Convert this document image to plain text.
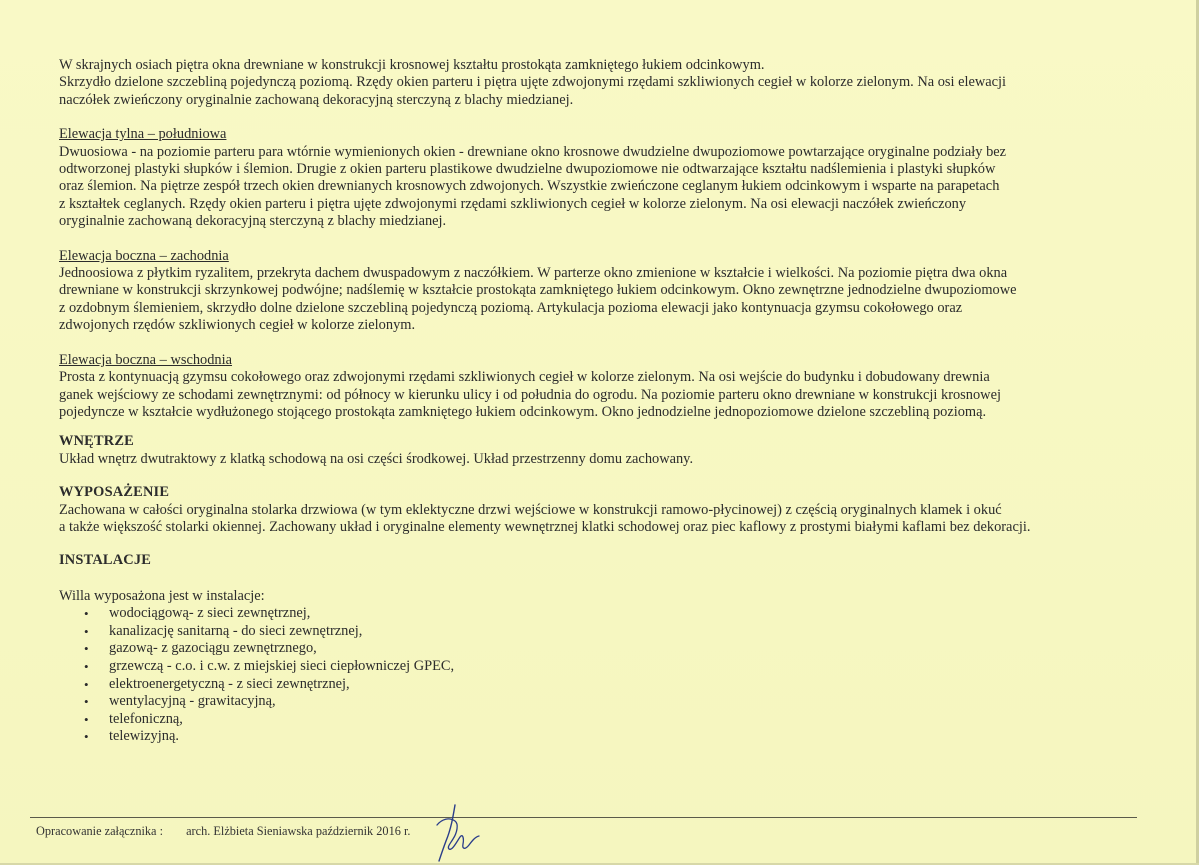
W skrajnych osiach piętra okna drewniane w konstrukcji krosnowej kształtu prostokąta zamkniętego łukiem odcinkowym.
Skrzydło dzielone szczebliną pojedynczą poziomą. Rzędy okien parteru i piętra ujęte zdwojonymi rzędami szkliwionych cegieł w kolorze zielonym. Na osi elewacji
naczółek zwieńczony oryginalnie zachowaną dekoracyjną sterczyną z blachy miedzianej.

Elewacja tylna – południowa
Dwuosiowa - na poziomie parteru para wtórnie wymienionych okien - drewniane okno krosnowe dwudzielne dwupoziomowe powtarzające oryginalne podziały bez
odtworzonej plastyki słupków i ślemion. Drugie z okien parteru plastikowe dwudzielne dwupoziomowe nie odtwarzające kształtu nadślemienia i plastyki słupków
oraz ślemion. Na piętrze zespół trzech okien drewnianych krosnowych zdwojonych. Wszystkie zwieńczone ceglanym łukiem odcinkowym i wsparte na parapetach
z kształtek ceglanych. Rzędy okien parteru i piętra ujęte zdwojonymi rzędami szkliwionych cegieł w kolorze zielonym. Na osi elewacji naczółek zwieńczony
oryginalnie zachowaną dekoracyjną sterczyną z blachy miedzianej.
Elewacja boczna – zachodnia
Jednoosiowa z płytkim ryzalitem, przekryta dachem dwuspadowym z naczółkiem. W parterze okno zmienione w kształcie i wielkości. Na poziomie piętra dwa okna
drewniane w konstrukcji skrzynkowej podwójne; nadślemię w kształcie prostokąta zamkniętego łukiem odcinkowym. Okno zewnętrzne jednodzielne dwupoziomowe
z ozdobnym ślemieniem, skrzydło dolne dzielone szczebliną pojedynczą poziomą. Artykulacja pozioma elewacji jako kontynuacja gzymsu cokołowego oraz
zdwojonych rzędów szkliwionych cegieł w kolorze zielonym.
Elewacja boczna – wschodnia
Prosta z kontynuacją gzymsu cokołowego oraz zdwojonymi rzędami szkliwionych cegieł w kolorze zielonym. Na osi wejście do budynku i dobudowany drewnia
ganek wejściowy ze schodami zewnętrznymi: od północy w kierunku ulicy i od południa do ogrodu. Na poziomie parteru okno drewniane w konstrukcji krosnowej
pojedyncze w kształcie wydłużonego stojącego prostokąta zamkniętego łukiem odcinkowym. Okno jednodzielne jednopoziomowe dzielone szczebliną poziomą.
WNĘTRZE
Układ wnętrz dwutraktowy z klatką schodową na osi części środkowej. Układ przestrzenny domu zachowany.
WYPOSAŻENIE
Zachowana w całości oryginalna stolarka drzwiowa (w tym eklektyczne drzwi wejściowe w konstrukcji ramowo-płycinowej) z częścią oryginalnych klamek i okuć
a także większość stolarki okiennej. Zachowany układ i oryginalne elementy wewnętrznej klatki schodowej oraz piec kaflowy z prostymi białymi kaflami bez dekoracji.
INSTALACJE
Willa wyposażona jest w instalacje:
• wodociągową- z sieci zewnętrznej,
• kanalizację sanitarną - do sieci zewnętrznej,
• gazową- z gazociągu zewnętrznego,
• grzewczą - c.o. i c.w. z miejskiej sieci ciepłowniczej GPEC,
• elektroenergetyczną - z sieci zewnętrznej,
• wentylacyjną - grawitacyjną,
• telefoniczną,
• telewizyjną.
Opracowanie załącznika : arch. Elżbieta Sieniawska październik 2016 r.
